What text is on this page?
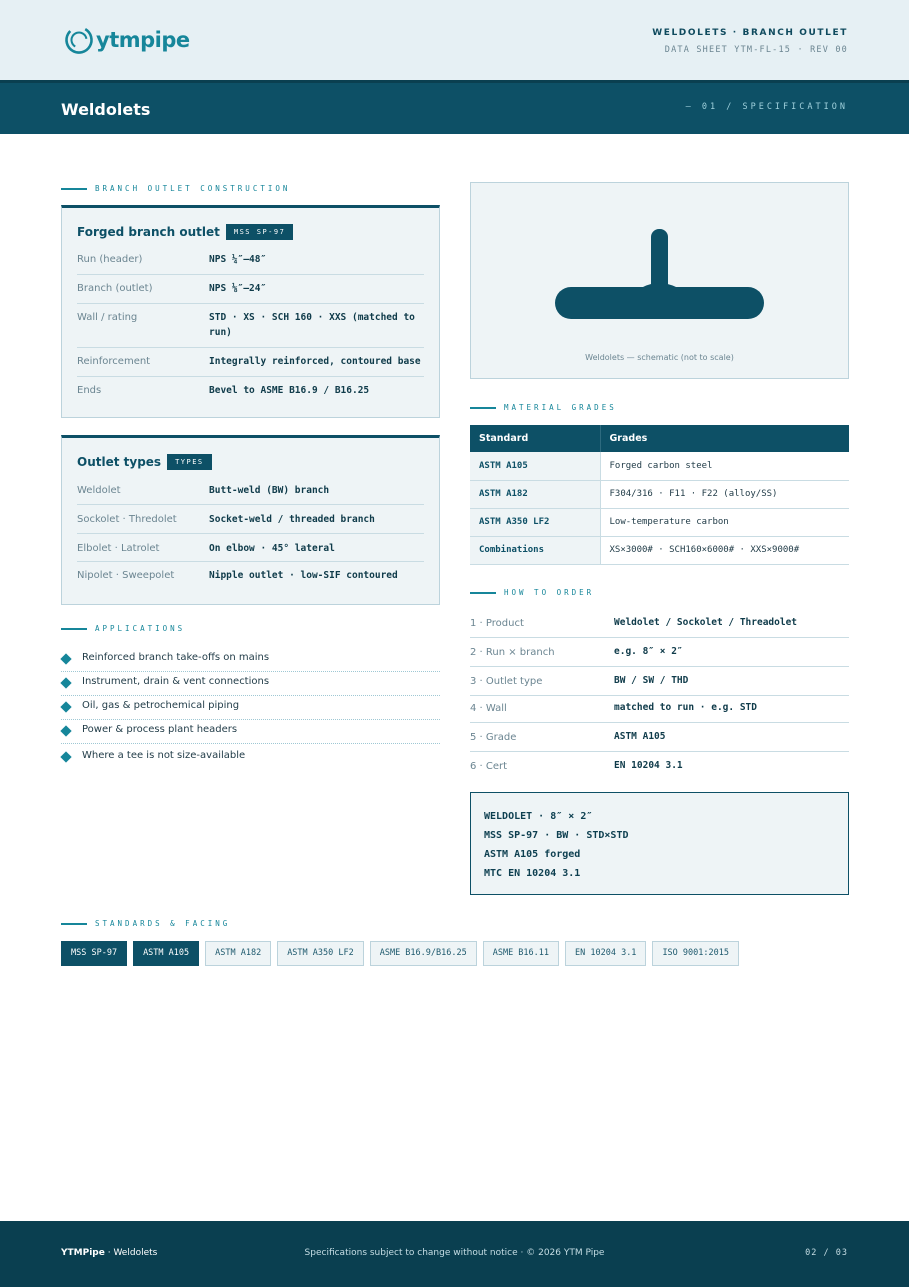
ytmpipe	WELDOLETS · BRANCH OUTLET
DATA SHEET YTM-FL-15 · REV 00
Weldolets	— 01 / SPECIFICATION
BRANCH OUTLET CONSTRUCTION
Forged branch outlet	MSS SP-97
Run (header)	NPS ¼″–48″
Branch (outlet)	NPS ⅛″–24″
Wall / rating	STD · XS · SCH 160 · XXS (matched to run)
Reinforcement	Integrally reinforced, contoured base
Ends	Bevel to ASME B16.9 / B16.25
Outlet types	TYPES
Weldolet	Butt-weld (BW) branch
Sockolet · Thredolet	Socket-weld / threaded branch
Elbolet · Latrolet	On elbow · 45° lateral
Nipolet · Sweepolet	Nipple outlet · low-SIF contoured
APPLICATIONS
Reinforced branch take-offs on mains
Instrument, drain & vent connections
Oil, gas & petrochemical piping
Power & process plant headers
Where a tee is not size-available
Weldolets — schematic (not to scale)
MATERIAL GRADES
Standard	Grades
ASTM A105	Forged carbon steel
ASTM A182	F304/316 · F11 · F22 (alloy/SS)
ASTM A350 LF2	Low-temperature carbon
Combinations	XS×3000# · SCH160×6000# · XXS×9000#
HOW TO ORDER
1 · Product	Weldolet / Sockolet / Threadolet
2 · Run × branch	e.g. 8″ × 2″
3 · Outlet type	BW / SW / THD
4 · Wall	matched to run · e.g. STD
5 · Grade	ASTM A105
6 · Cert	EN 10204 3.1
WELDOLET · 8″ × 2″
MSS SP-97 · BW · STD×STD
ASTM A105 forged
MTC EN 10204 3.1
STANDARDS & FACING
MSS SP-97	ASTM A105	ASTM A182	ASTM A350 LF2	ASME B16.9/B16.25	ASME B16.11	EN 10204 3.1	ISO 9001:2015
YTMPipe · Weldolets	Specifications subject to change without notice · © 2026 YTM Pipe	02 / 03
